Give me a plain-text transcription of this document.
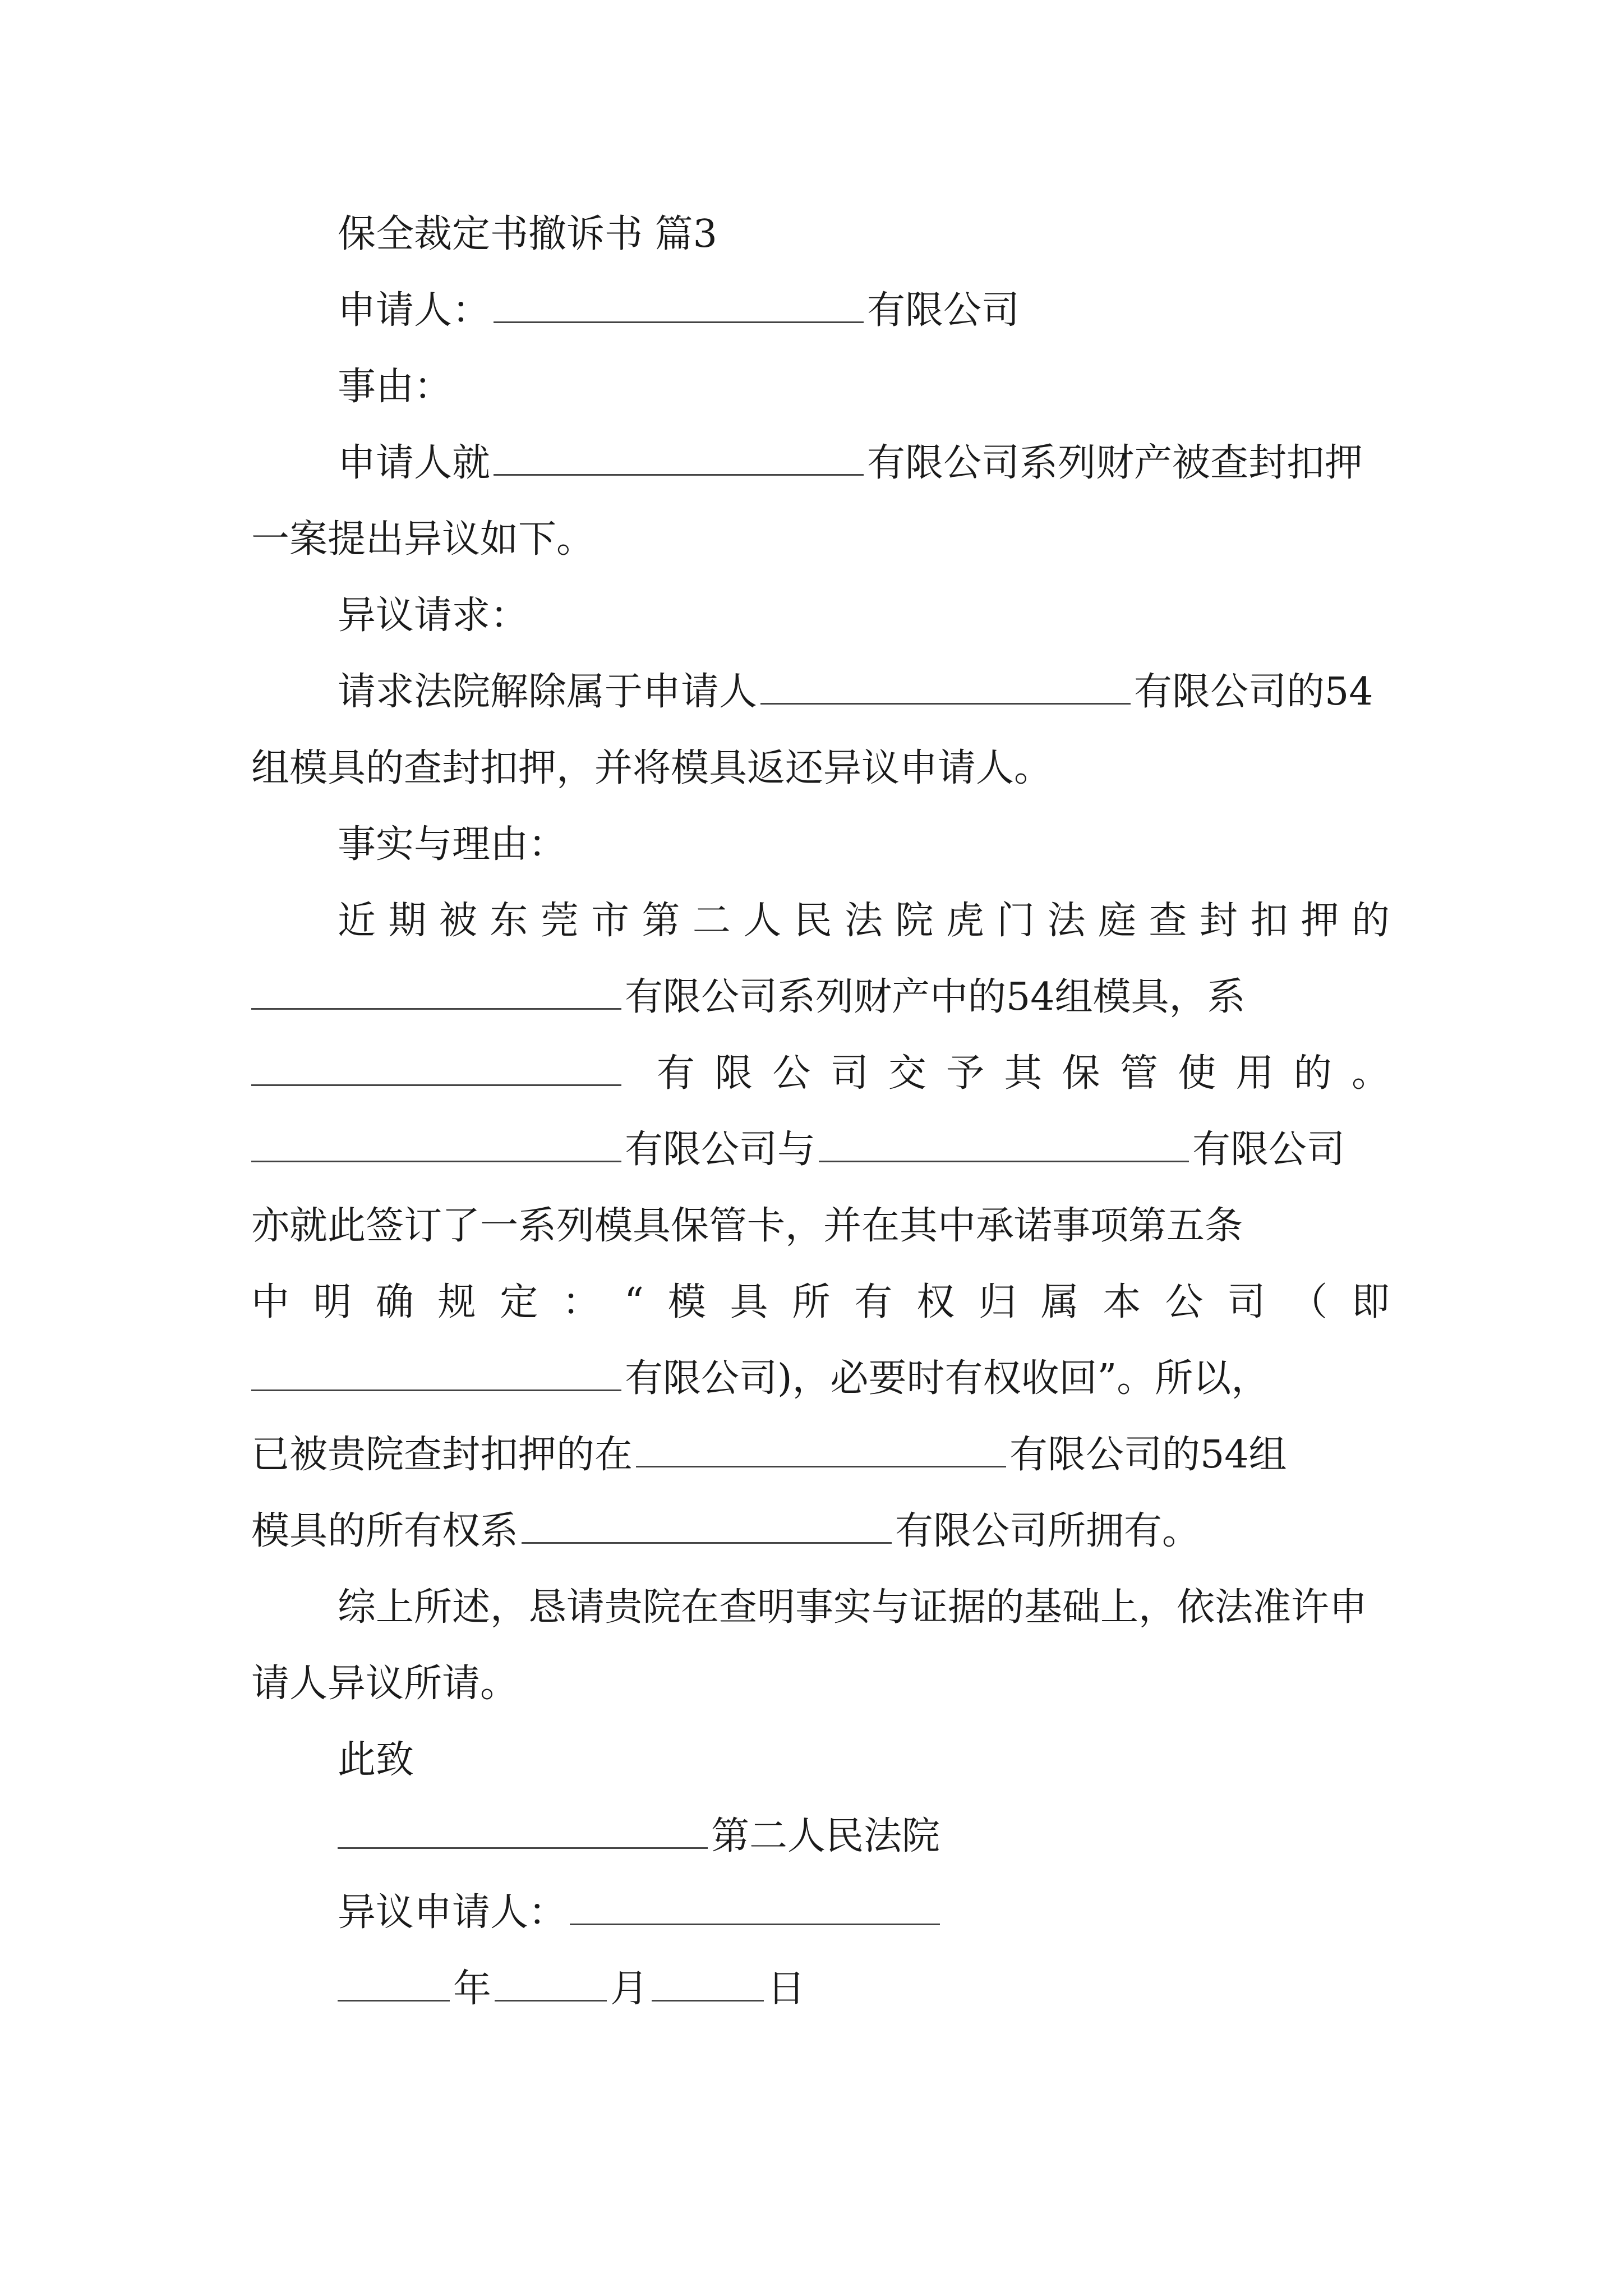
保全裁定书撤诉书 篇3

申请人：	有限公司

事由：

申请人就	有限公司系列财产被查封扣押一案提出异议如下。

异议请求：

请求法院解除属于申请人	有限公司的54组模具的查封扣押，并将模具返还异议申请人。

事实与理由：

近期被东莞市第二人民法院虎门法庭查封扣押的

有限公司系列财产中的54组模具，系

有限公司交予其保管使用的。

有限公司与	有限公司

亦就此签订了一系列模具保管卡，并在其中承诺事项第五条

中明确规定：“模具所有权归属本公司（即

有限公司)，必要时有权收回”。所以，

已被贵院查封扣押的在	有限公司的54组

模具的所有权系	有限公司所拥有。

综上所述，恳请贵院在查明事实与证据的基础上，依法准许申请人异议所请。

此致

第二人民法院

异议申请人：

年	月	日
